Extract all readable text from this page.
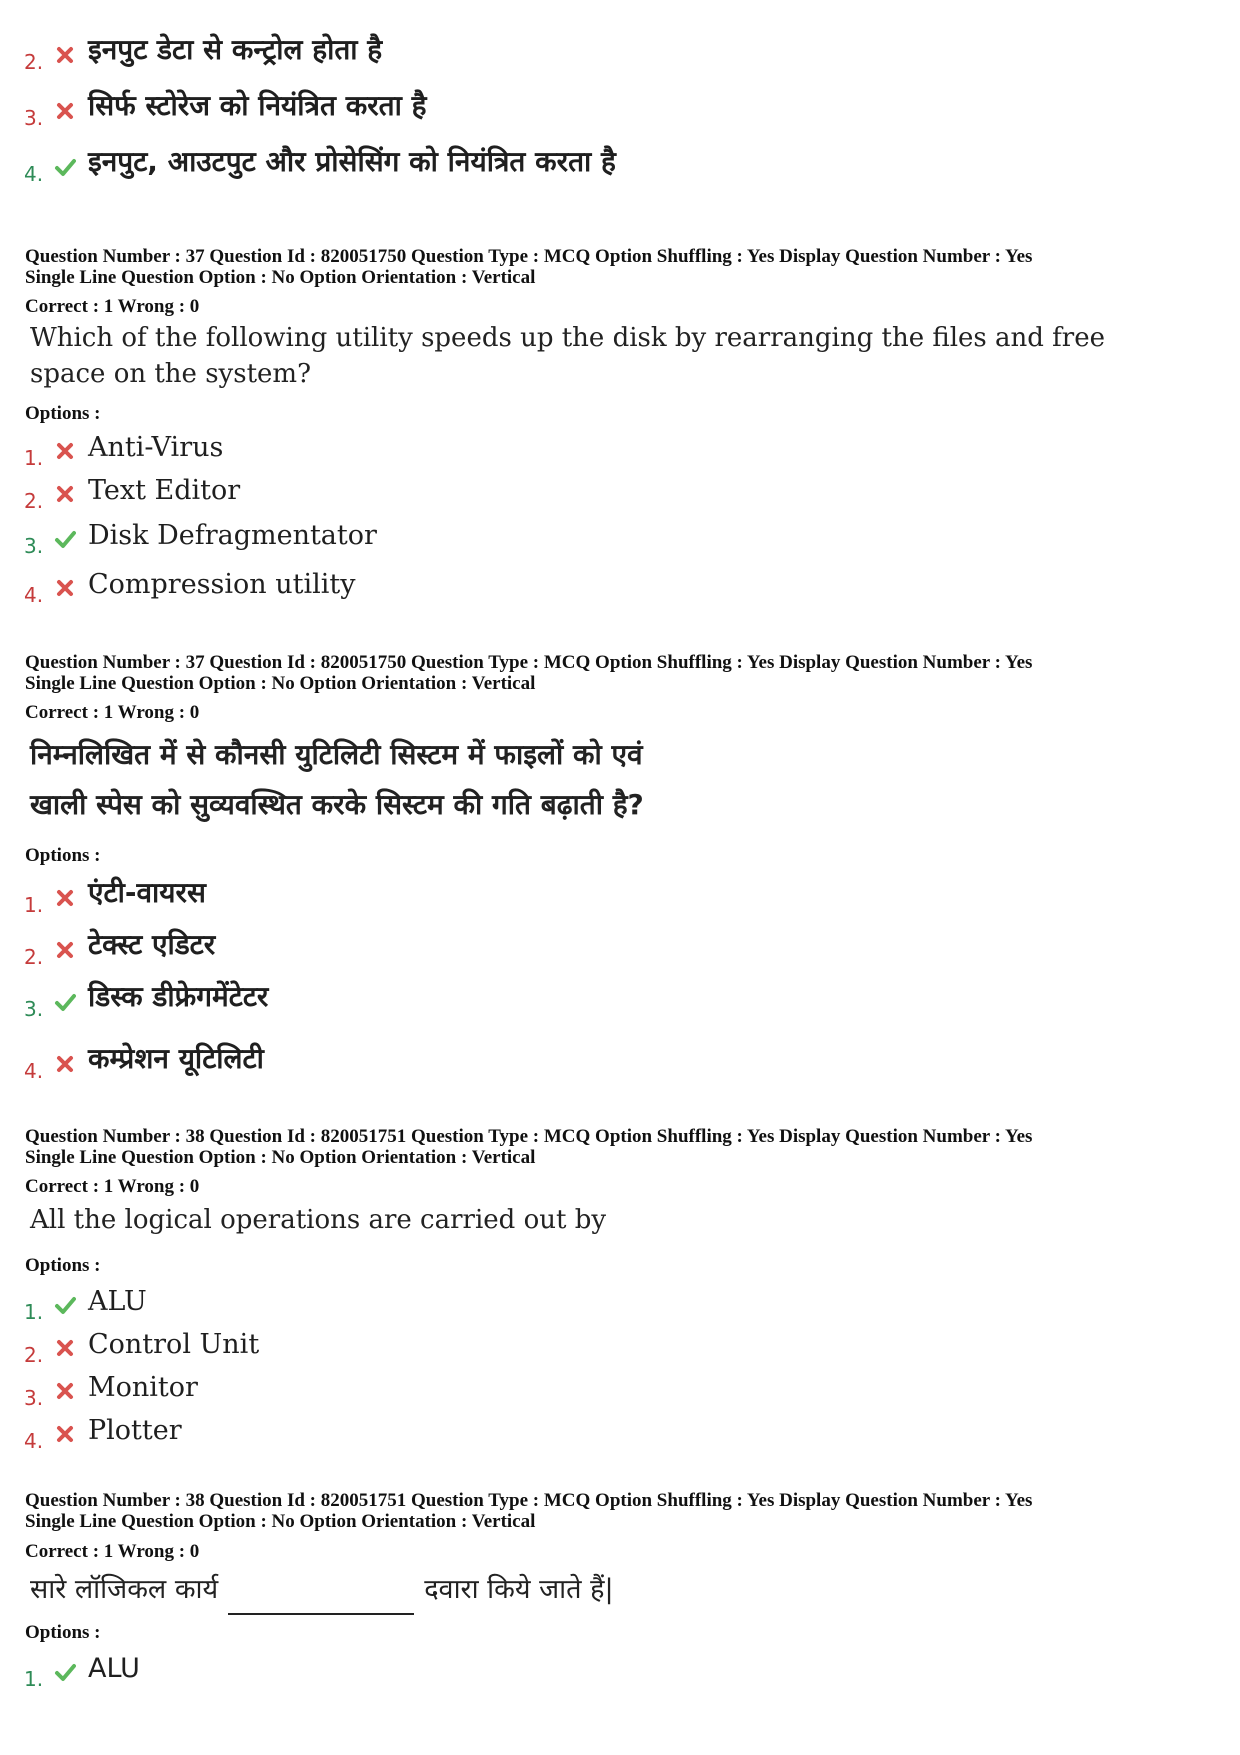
2. इनपुट डेटा से कन्ट्रोल होता है
3. सिर्फ स्टोरेज को नियंत्रित करता है
4. इनपुट, आउटपुट और प्रोसेसिंग को नियंत्रित करता है
Question Number : 37 Question Id : 820051750 Question Type : MCQ Option Shuffling : Yes Display Question Number : Yes
Single Line Question Option : No Option Orientation : Vertical
Correct : 1 Wrong : 0
Which of the following utility speeds up the disk by rearranging the files and free
space on the system?
Options :
1. Anti-Virus
2. Text Editor
3. Disk Defragmentator
4. Compression utility
Question Number : 37 Question Id : 820051750 Question Type : MCQ Option Shuffling : Yes Display Question Number : Yes
Single Line Question Option : No Option Orientation : Vertical
Correct : 1 Wrong : 0
निम्नलिखित में से कौनसी युटिलिटी सिस्टम में फाइलों को एवं
खाली स्पेस को सुव्यवस्थित करके सिस्टम की गति बढ़ाती है?
Options :
1. एंटी-वायरस
2. टेक्स्ट एडिटर
3. डिस्क डीफ्रेगमेंटेटर
4. कम्प्रेशन यूटिलिटी
Question Number : 38 Question Id : 820051751 Question Type : MCQ Option Shuffling : Yes Display Question Number : Yes
Single Line Question Option : No Option Orientation : Vertical
Correct : 1 Wrong : 0
All the logical operations are carried out by
Options :
1. ALU
2. Control Unit
3. Monitor
4. Plotter
Question Number : 38 Question Id : 820051751 Question Type : MCQ Option Shuffling : Yes Display Question Number : Yes
Single Line Question Option : No Option Orientation : Vertical
Correct : 1 Wrong : 0
सारे लॉजिकल कार्य	दवारा किये जाते हैं|
Options :
1. ALU
